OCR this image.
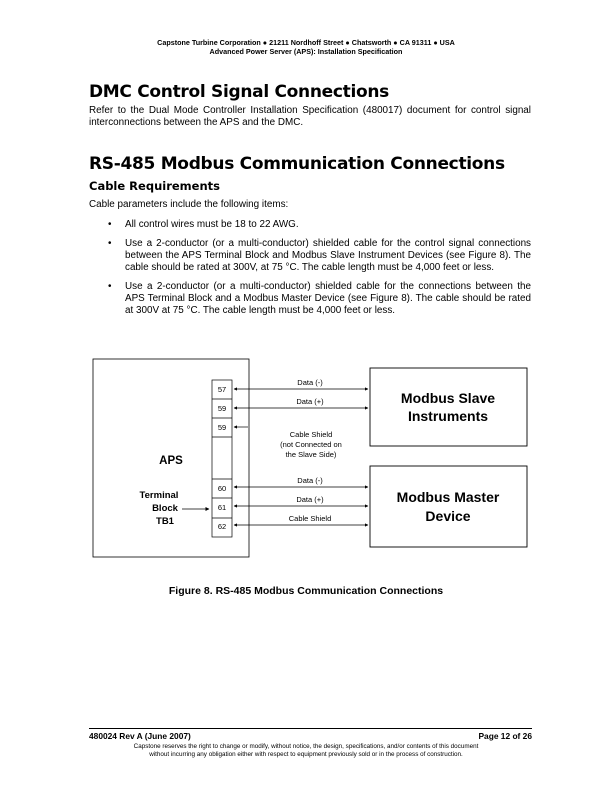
Capstone Turbine Corporation ● 21211 Nordhoff Street ● Chatsworth ● CA 91311 ● USA
Advanced Power Server (APS): Installation Specification
DMC Control Signal Connections
Refer to the Dual Mode Controller Installation Specification (480017) document for control signal interconnections between the APS and the DMC.
RS-485 Modbus Communication Connections
Cable Requirements
Cable parameters include the following items:
• All control wires must be 18 to 22 AWG.
• Use a 2-conductor (or a multi-conductor) shielded cable for the control signal connections between the APS Terminal Block and Modbus Slave Instrument Devices (see Figure 8). The cable should be rated at 300V, at 75 °C. The cable length must be 4,000 feet or less.
• Use a 2-conductor (or a multi-conductor) shielded cable for the connections between the APS Terminal Block and a Modbus Master Device (see Figure 8). The cable should be rated at 300V at 75 °C. The cable length must be 4,000 feet or less.
APS
Terminal
Block
TB1
57
59
59
60
61
62
Modbus Slave
Instruments
Modbus Master
Device
Data (-)
Data (+)
Cable Shield
(not Connected on
the Slave Side)
Data (-)
Data (+)
Cable Shield
Figure 8. RS-485 Modbus Communication Connections
480024 Rev A (June 2007)	Page 12 of 26
Capstone reserves the right to change or modify, without notice, the design, specifications, and/or contents of this document
without incurring any obligation either with respect to equipment previously sold or in the process of construction.
